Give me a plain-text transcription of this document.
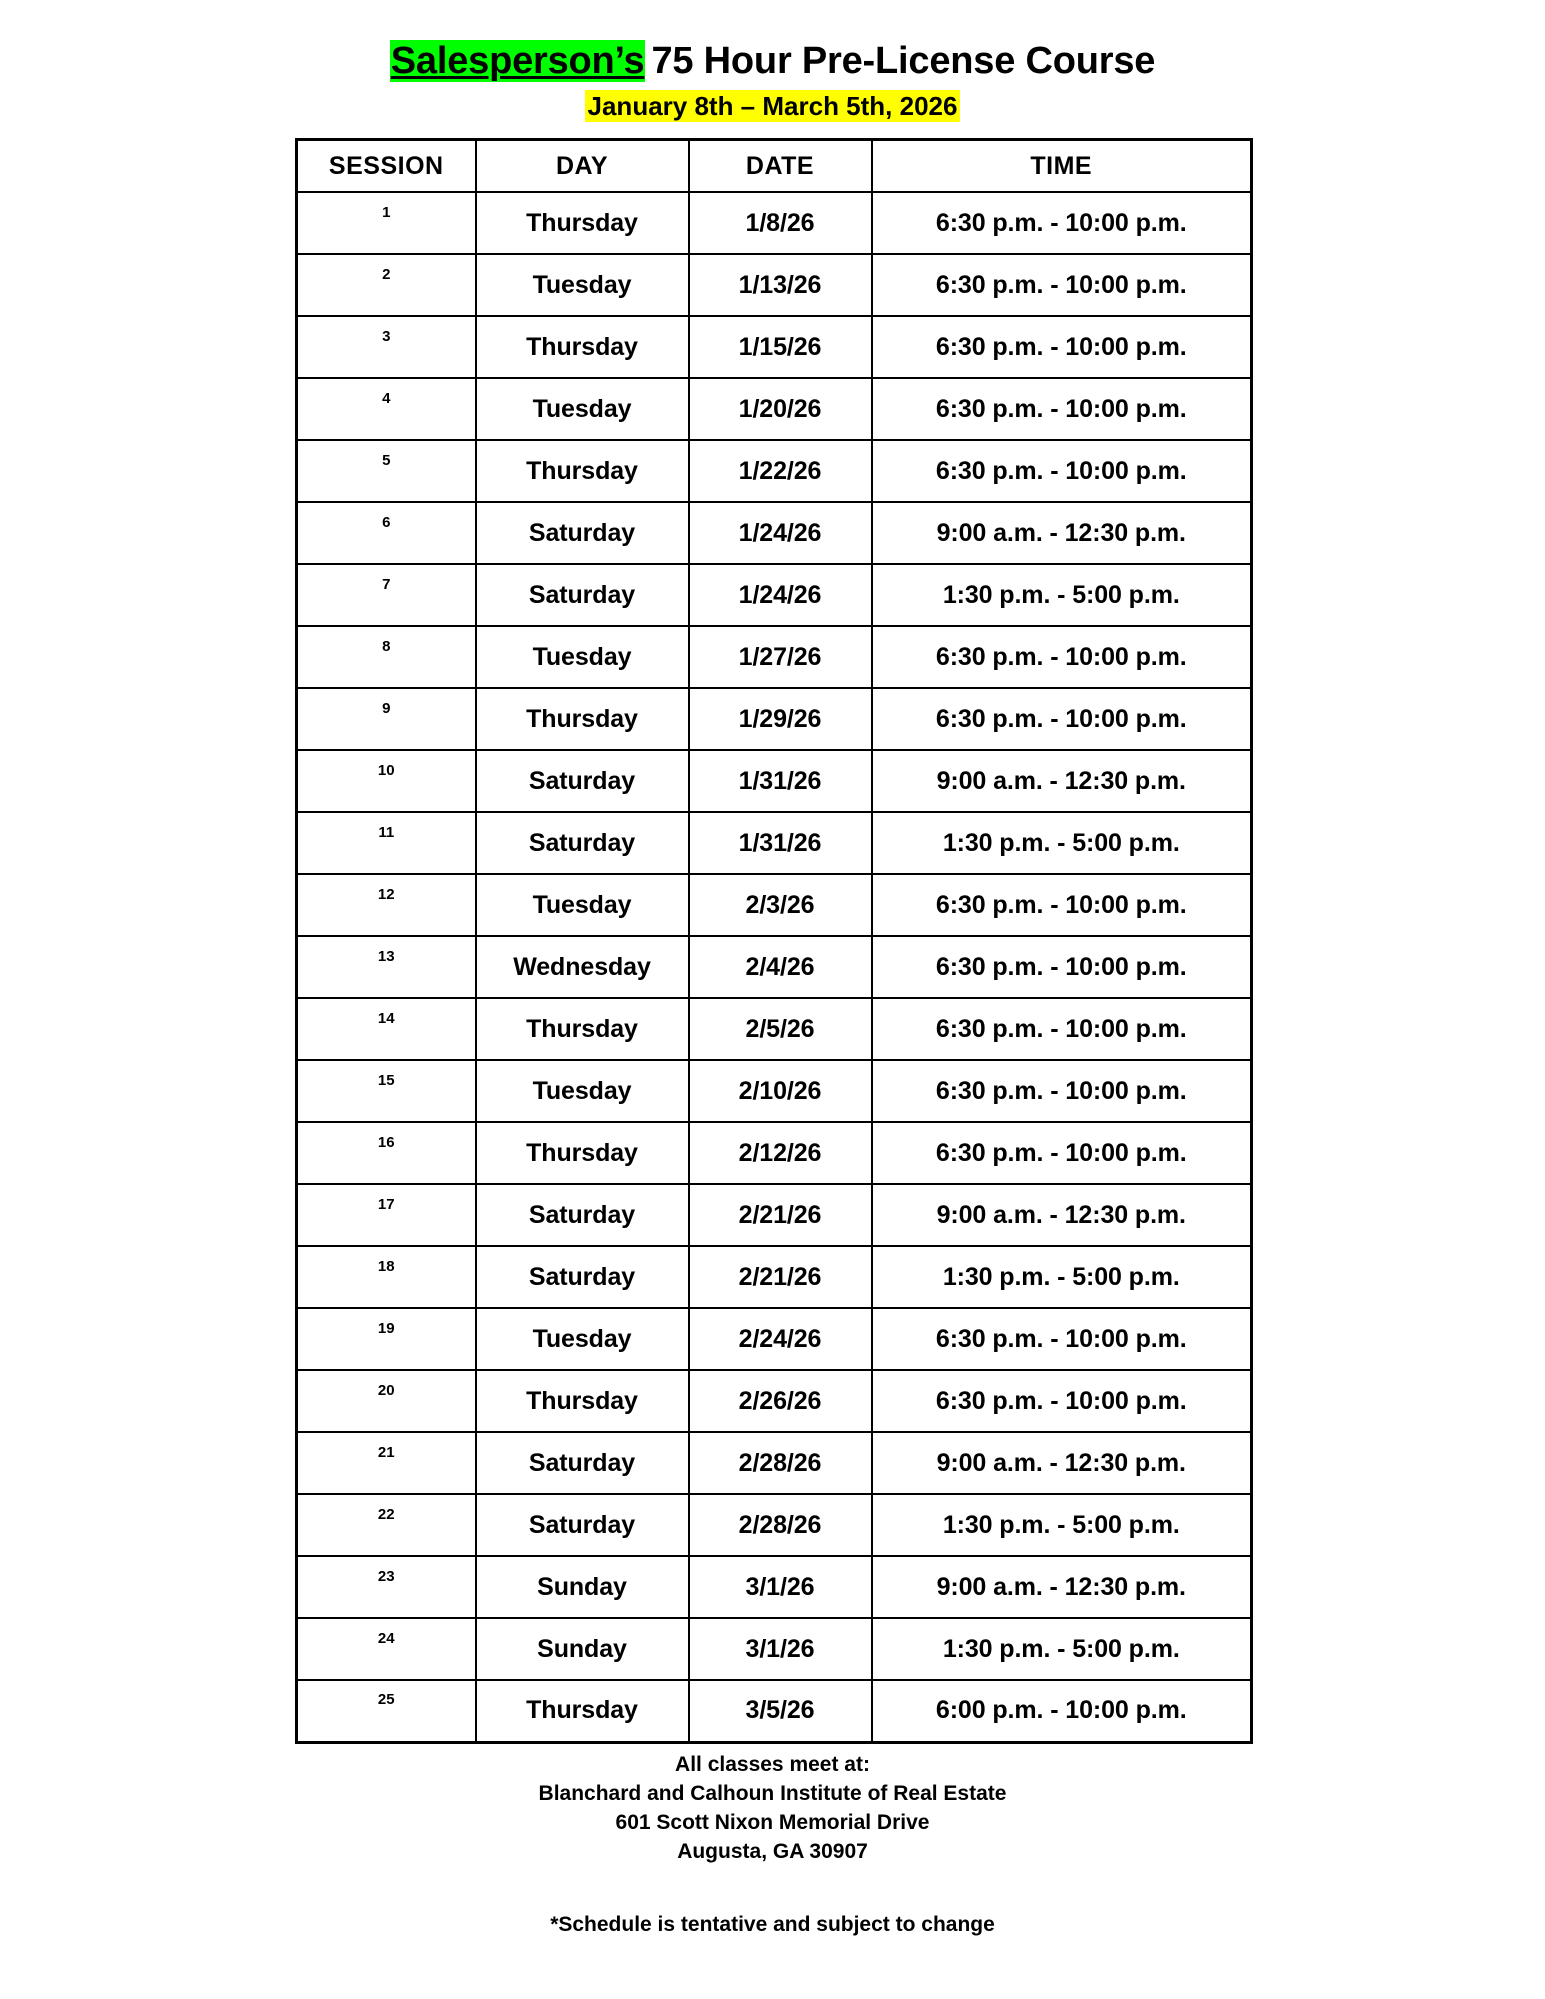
Salesperson’s 75 Hour Pre-License Course
January 8th – March 5th, 2026
SESSION	DAY	DATE	TIME

1	Thursday	1/8/26	6:30 p.m. - 10:00 p.m.

2	Tuesday	1/13/26	6:30 p.m. - 10:00 p.m.

3	Thursday	1/15/26	6:30 p.m. - 10:00 p.m.

4	Tuesday	1/20/26	6:30 p.m. - 10:00 p.m.

5	Thursday	1/22/26	6:30 p.m. - 10:00 p.m.

6	Saturday	1/24/26	9:00 a.m. - 12:30 p.m.

7	Saturday	1/24/26	1:30 p.m. - 5:00 p.m.

8	Tuesday	1/27/26	6:30 p.m. - 10:00 p.m.

9	Thursday	1/29/26	6:30 p.m. - 10:00 p.m.

10	Saturday	1/31/26	9:00 a.m. - 12:30 p.m.

11	Saturday	1/31/26	1:30 p.m. - 5:00 p.m.

12	Tuesday	2/3/26	6:30 p.m. - 10:00 p.m.

13	Wednesday	2/4/26	6:30 p.m. - 10:00 p.m.

14	Thursday	2/5/26	6:30 p.m. - 10:00 p.m.

15	Tuesday	2/10/26	6:30 p.m. - 10:00 p.m.

16	Thursday	2/12/26	6:30 p.m. - 10:00 p.m.

17	Saturday	2/21/26	9:00 a.m. - 12:30 p.m.

18	Saturday	2/21/26	1:30 p.m. - 5:00 p.m.

19	Tuesday	2/24/26	6:30 p.m. - 10:00 p.m.

20	Thursday	2/26/26	6:30 p.m. - 10:00 p.m.

21	Saturday	2/28/26	9:00 a.m. - 12:30 p.m.

22	Saturday	2/28/26	1:30 p.m. - 5:00 p.m.

23	Sunday	3/1/26	9:00 a.m. - 12:30 p.m.

24	Sunday	3/1/26	1:30 p.m. - 5:00 p.m.

25	Thursday	3/5/26	6:00 p.m. - 10:00 p.m.
All classes meet at:
Blanchard and Calhoun Institute of Real Estate
601 Scott Nixon Memorial Drive
Augusta, GA 30907
*Schedule is tentative and subject to change
